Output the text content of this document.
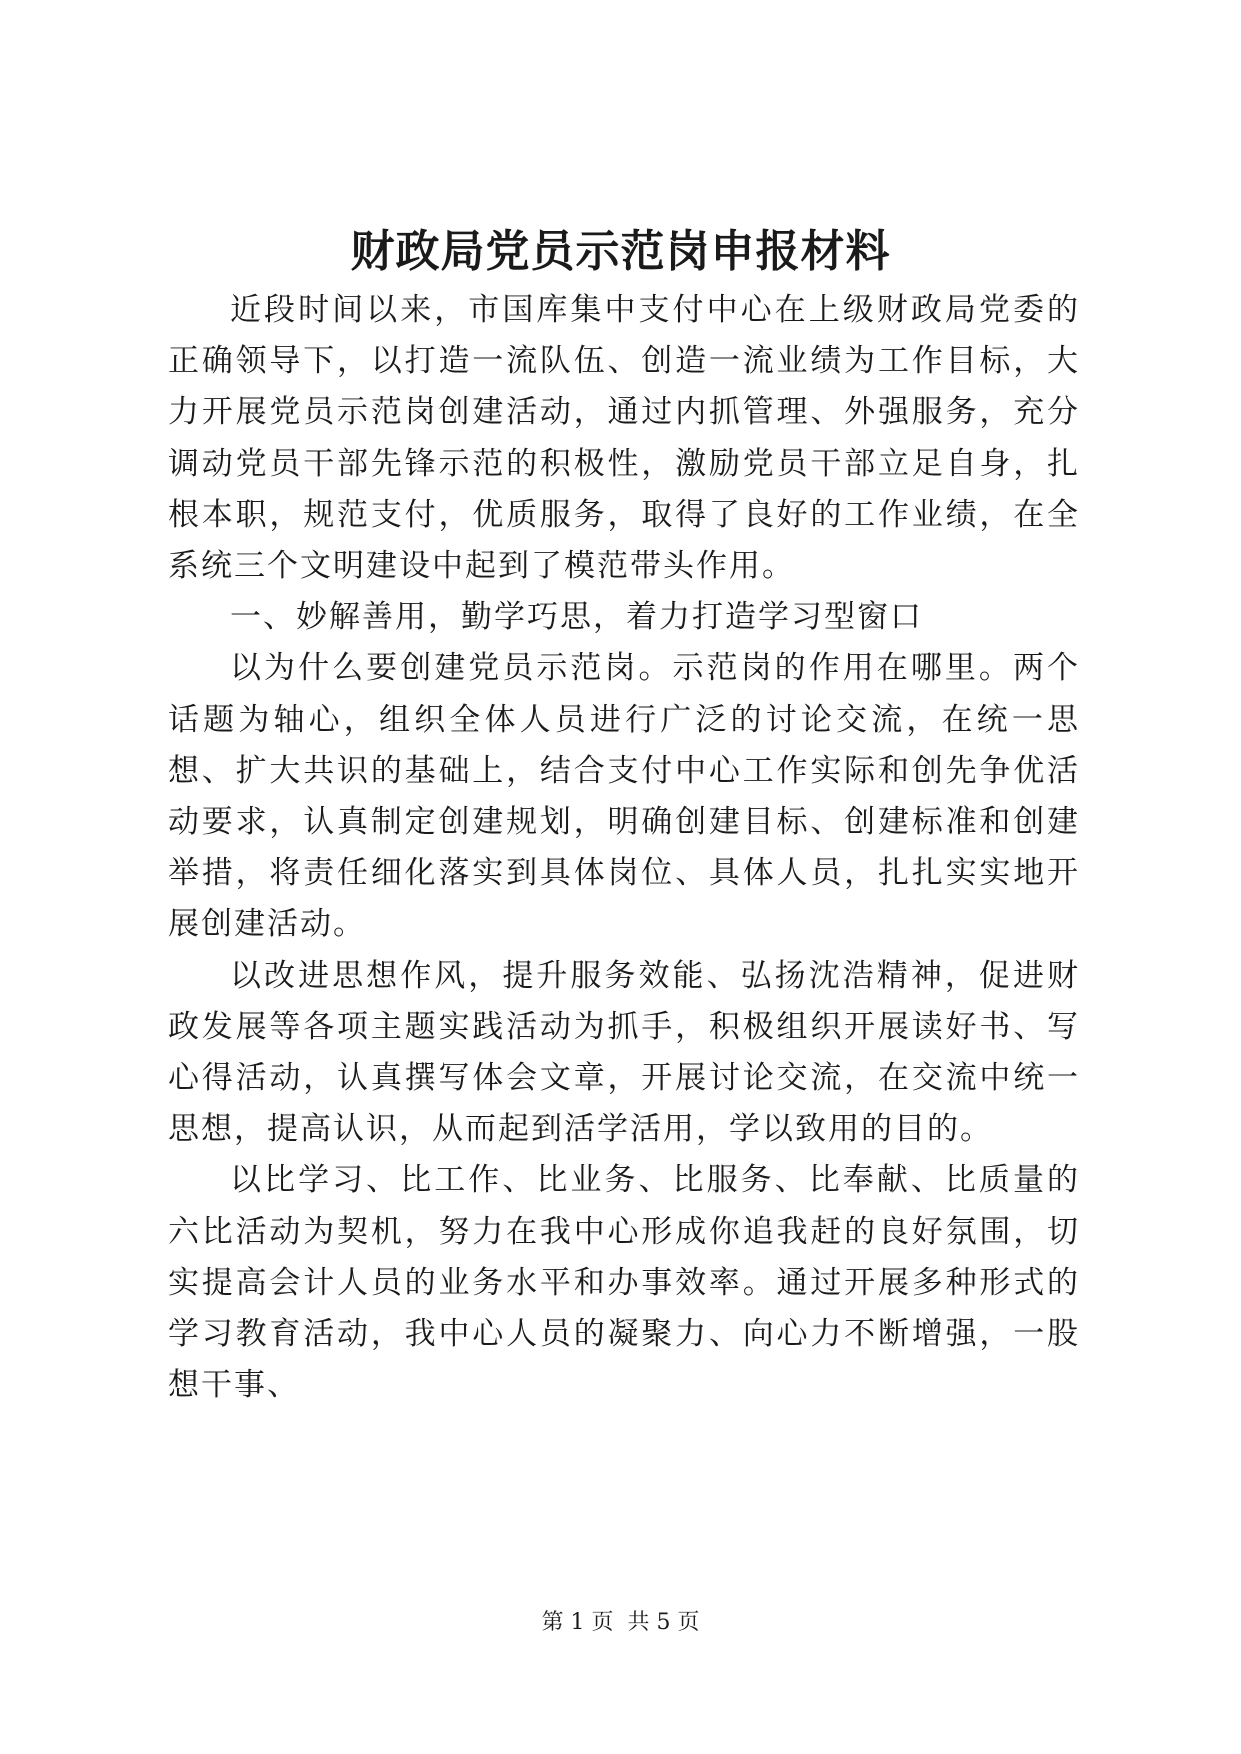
财政局党员示范岗申报材料

近段时间以来，市国库集中支付中心在上级财政局党委的正确领导下，以打造一流队伍、创造一流业绩为工作目标，大力开展党员示范岗创建活动，通过内抓管理、外强服务，充分调动党员干部先锋示范的积极性，激励党员干部立足自身，扎根本职，规范支付，优质服务，取得了良好的工作业绩，在全系统三个文明建设中起到了模范带头作用。

一、妙解善用，勤学巧思，着力打造学习型窗口

以为什么要创建党员示范岗。示范岗的作用在哪里。两个话题为轴心，组织全体人员进行广泛的讨论交流，在统一思想、扩大共识的基础上，结合支付中心工作实际和创先争优活动要求，认真制定创建规划，明确创建目标、创建标准和创建举措，将责任细化落实到具体岗位、具体人员，扎扎实实地开展创建活动。

以改进思想作风，提升服务效能、弘扬沈浩精神，促进财政发展等各项主题实践活动为抓手，积极组织开展读好书、写心得活动，认真撰写体会文章，开展讨论交流，在交流中统一思想，提高认识，从而起到活学活用，学以致用的目的。

以比学习、比工作、比业务、比服务、比奉献、比质量的六比活动为契机，努力在我中心形成你追我赶的良好氛围，切实提高会计人员的业务水平和办事效率。通过开展多种形式的学习教育活动，我中心人员的凝聚力、向心力不断增强，一股想干事、

第 1 页  共 5 页
